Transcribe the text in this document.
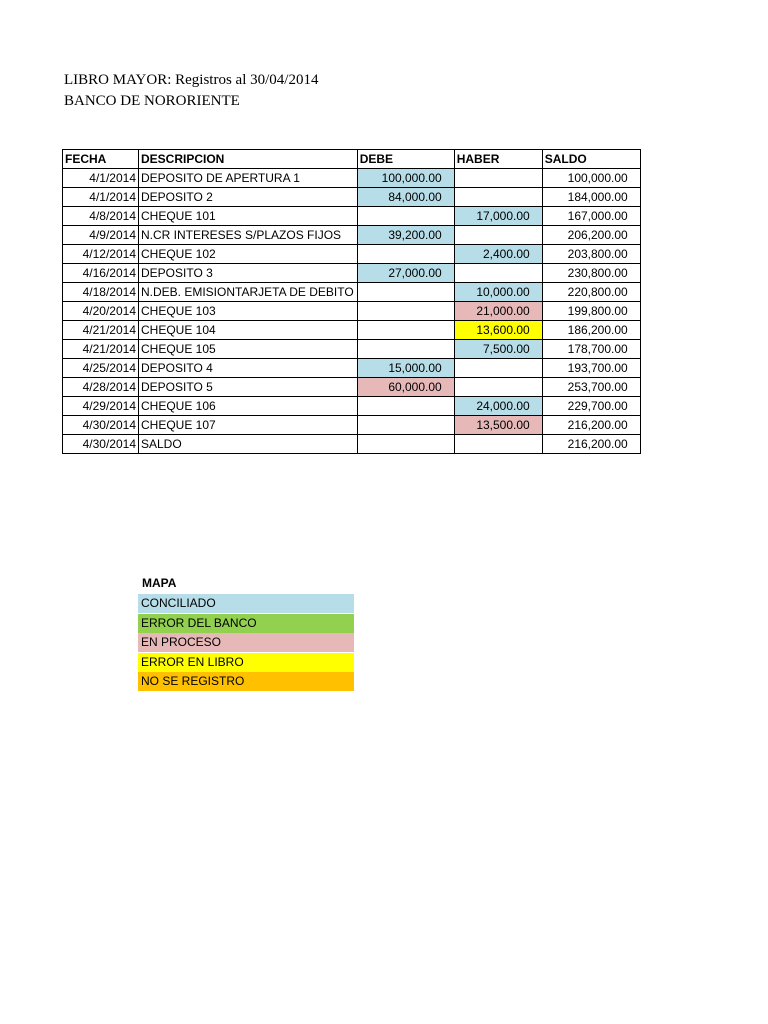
LIBRO MAYOR: Registros al 30/04/2014
BANCO DE NORORIENTE
FECHA	DESCRIPCION	DEBE	HABER	SALDO
4/1/2014	DEPOSITO DE APERTURA 1	100,000.00		100,000.00
4/1/2014	DEPOSITO 2	84,000.00		184,000.00
4/8/2014	CHEQUE 101		17,000.00	167,000.00
4/9/2014	N.CR INTERESES S/PLAZOS FIJOS	39,200.00		206,200.00
4/12/2014	CHEQUE 102		2,400.00	203,800.00
4/16/2014	DEPOSITO 3	27,000.00		230,800.00
4/18/2014	N.DEB. EMISIONTARJETA DE DEBITO		10,000.00	220,800.00
4/20/2014	CHEQUE 103		21,000.00	199,800.00
4/21/2014	CHEQUE 104		13,600.00	186,200.00
4/21/2014	CHEQUE 105		7,500.00	178,700.00
4/25/2014	DEPOSITO 4	15,000.00		193,700.00
4/28/2014	DEPOSITO 5	60,000.00		253,700.00
4/29/2014	CHEQUE 106		24,000.00	229,700.00
4/30/2014	CHEQUE 107		13,500.00	216,200.00
4/30/2014	SALDO			216,200.00
MAPA
CONCILIADO
ERROR DEL BANCO
EN PROCESO
ERROR EN LIBRO
NO SE REGISTRO
